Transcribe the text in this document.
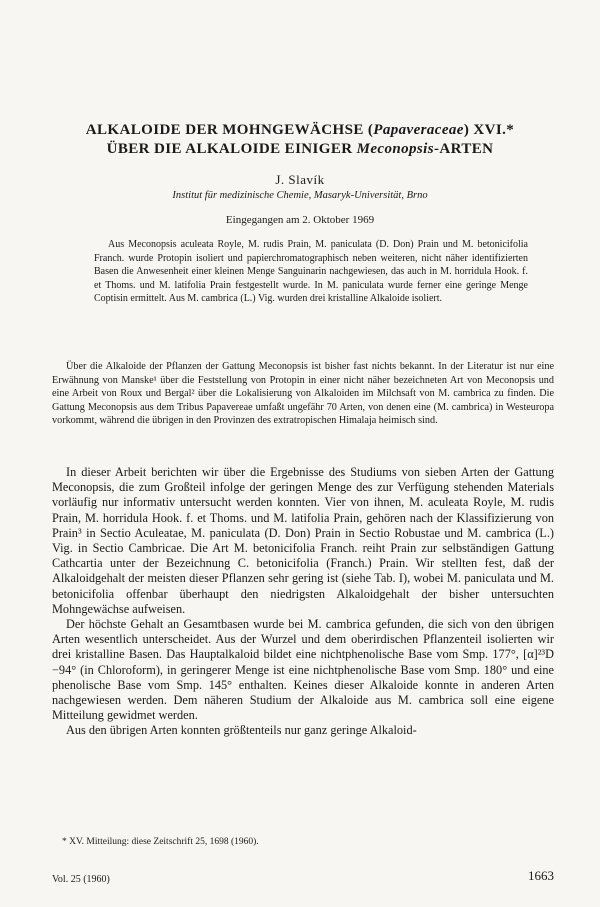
ALKALOIDE DER MOHNGEWÄCHSE (Papaveraceae) XVI.*
ÜBER DIE ALKALOIDE EINIGER Meconopsis-ARTEN
J. Slavík
Institut für medizinische Chemie, Masaryk-Universität, Brno
Eingegangen am 2. Oktober 1969

Aus Meconopsis aculeata Royle, M. rudis Prain, M. paniculata (D. Don) Prain und M. betonicifolia Franch. wurde Protopin isoliert und papierchromatographisch neben weiteren, nicht näher identifizierten Basen die Anwesenheit einer kleinen Menge Sanguinarin nachgewiesen, das auch in M. horridula Hook. f. et Thoms. und M. latifolia Prain festgestellt wurde. In M. paniculata wurde ferner eine geringe Menge Coptisin ermittelt. Aus M. cambrica (L.) Vig. wurden drei kristalline Alkaloide isoliert.

Über die Alkaloide der Pflanzen der Gattung Meconopsis ist bisher fast nichts bekannt. In der Literatur ist nur eine Erwähnung von Manske¹ über die Feststellung von Protopin in einer nicht näher bezeichneten Art von Meconopsis und eine Arbeit von Roux und Bergal² über die Lokalisierung von Alkaloiden im Milchsaft von M. cambrica zu finden. Die Gattung Meconopsis aus dem Tribus Papavereae umfaßt ungefähr 70 Arten, von denen eine (M. cambrica) in Westeuropa vorkommt, während die übrigen in den Provinzen des extratropischen Himalaja heimisch sind.

In dieser Arbeit berichten wir über die Ergebnisse des Studiums von sieben Arten der Gattung Meconopsis, die zum Großteil infolge der geringen Menge des zur Verfügung stehenden Materials vorläufig nur informativ untersucht werden konnten. Vier von ihnen, M. aculeata Royle, M. rudis Prain, M. horridula Hook. f. et Thoms. und M. latifolia Prain, gehören nach der Klassifizierung von Prain³ in Sectio Aculeatae, M. paniculata (D. Don) Prain in Sectio Robustae und M. cambrica (L.) Vig. in Sectio Cambricae. Die Art M. betonicifolia Franch. reiht Prain zur selbständigen Gattung Cathcartia unter der Bezeichnung C. betonicifolia (Franch.) Prain. Wir stellten fest, daß der Alkaloidgehalt der meisten dieser Pflanzen sehr gering ist (siehe Tab. I), wobei M. paniculata und M. betonicifolia offenbar überhaupt den niedrigsten Alkaloidgehalt der bisher untersuchten Mohngewächse aufweisen.

Der höchste Gehalt an Gesamtbasen wurde bei M. cambrica gefunden, die sich von den übrigen Arten wesentlich unterscheidet. Aus der Wurzel und dem oberirdischen Pflanzenteil isolierten wir drei kristalline Basen. Das Hauptalkaloid bildet eine nichtphenolische Base vom Smp. 177°, [α]²³D −94° (in Chloroform), in geringerer Menge ist eine nichtphenolische Base vom Smp. 180° und eine phenolische Base vom Smp. 145° enthalten. Keines dieser Alkaloide konnte in anderen Arten nachgewiesen werden. Dem näheren Studium der Alkaloide aus M. cambrica soll eine eigene Mitteilung gewidmet werden.

Aus den übrigen Arten konnten größtenteils nur ganz geringe Alkaloid-

* XV. Mitteilung: diese Zeitschrift 25, 1698 (1960).
Vol. 25 (1960)	1663
